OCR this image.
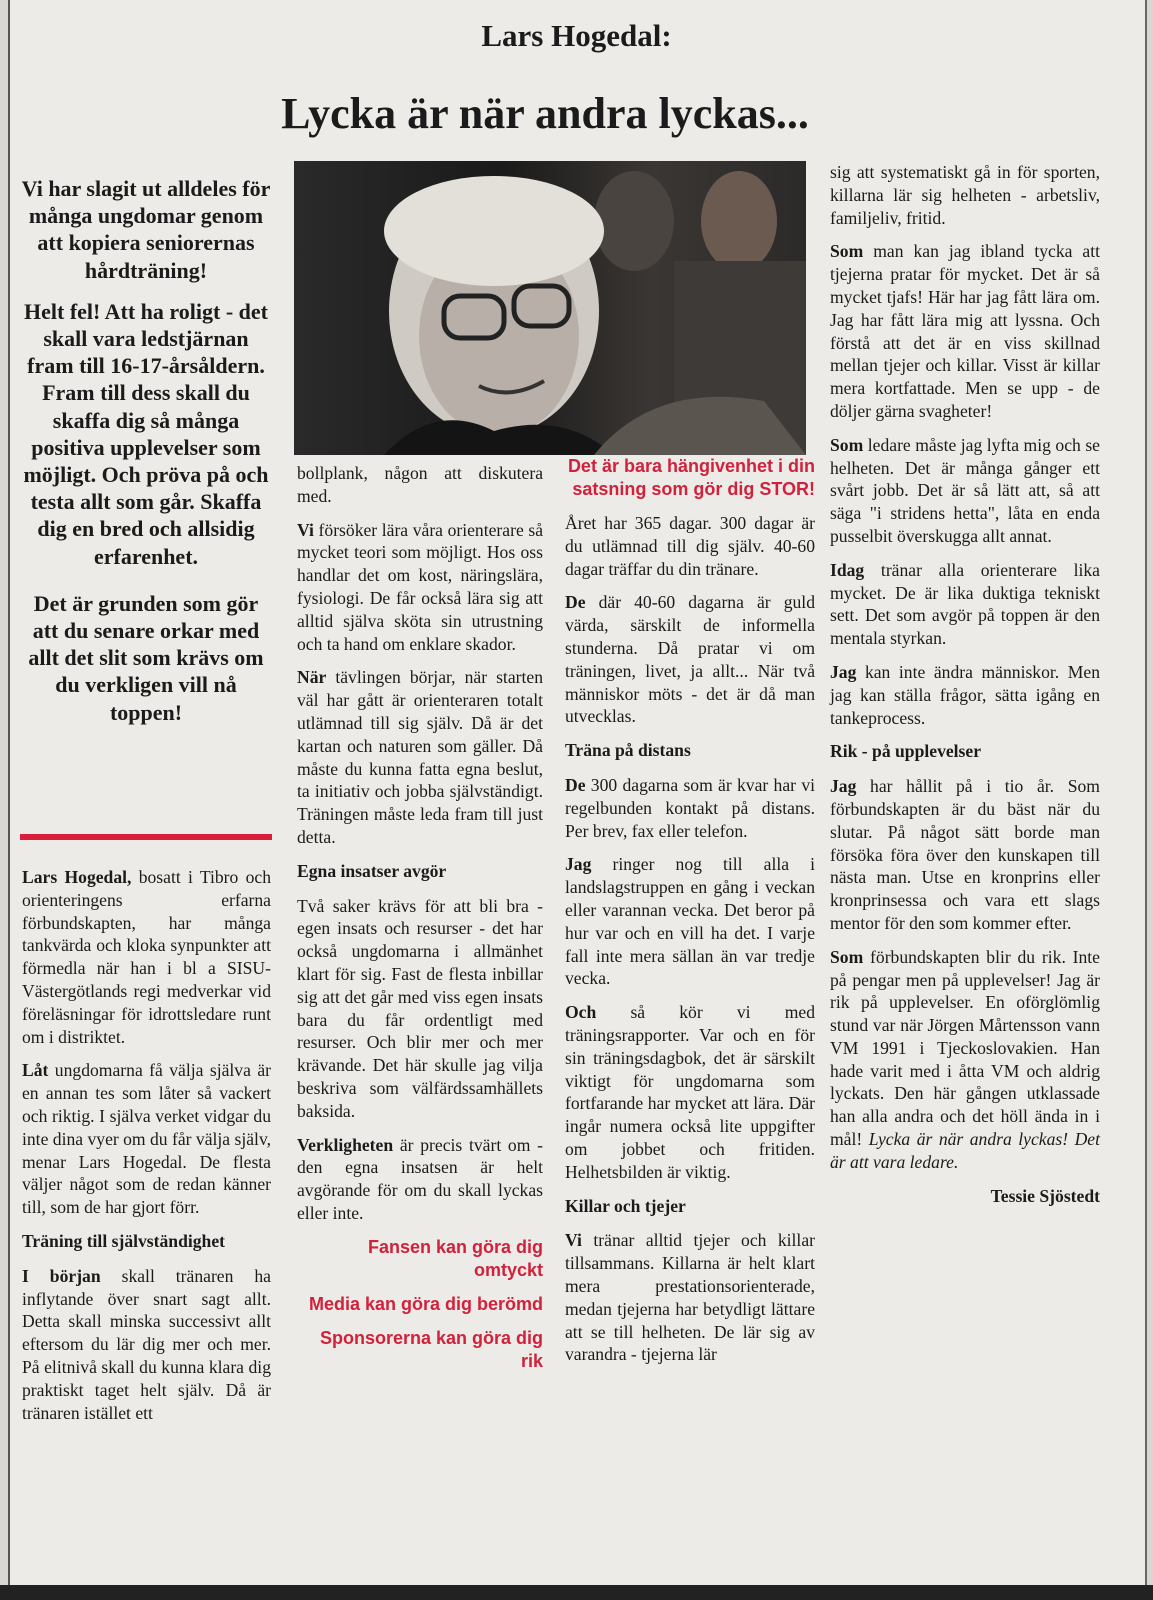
Lars Hogedal:
Lycka är när andra lyckas...

Vi har slagit ut alldeles för många ungdomar genom att kopiera seniorernas hårdträning!

Helt fel! Att ha roligt - det skall vara ledstjärnan fram till 16-17-årsåldern. Fram till dess skall du skaffa dig så många positiva upplevelser som möjligt. Och pröva på och testa allt som går. Skaffa dig en bred och allsidig erfarenhet.

Det är grunden som gör att du senare orkar med allt det slit som krävs om du verkligen vill nå toppen!

Lars Hogedal, bosatt i Tibro och orienteringens erfarna förbundskapten, har många tankvärda och kloka synpunkter att förmedla när han i bl a SISU-Västergötlands regi medverkar vid föreläsningar för idrottsledare runt om i distriktet.

Låt ungdomarna få välja själva är en annan tes som låter så vackert och riktig. I själva verket vidgar du inte dina vyer om du får välja själv, menar Lars Hogedal. De flesta väljer något som de redan känner till, som de har gjort förr.

Träning till självständighet

I början skall tränaren ha inflytande över snart sagt allt. Detta skall minska successivt allt eftersom du lär dig mer och mer. På elitnivå skall du kunna klara dig praktiskt taget helt själv. Då är tränaren istället ett

bollplank, någon att diskutera med.

Vi försöker lära våra orienterare så mycket teori som möjligt. Hos oss handlar det om kost, näringslära, fysiologi. De får också lära sig att alltid själva sköta sin utrustning och ta hand om enklare skador.

När tävlingen börjar, när starten väl har gått är orienteraren totalt utlämnad till sig själv. Då är det kartan och naturen som gäller. Då måste du kunna fatta egna beslut, ta initiativ och jobba självständigt. Träningen måste leda fram till just detta.

Egna insatser avgör

Två saker krävs för att bli bra - egen insats och resurser - det har också ungdomarna i allmänhet klart för sig. Fast de flesta inbillar sig att det går med viss egen insats bara du får ordentligt med resurser. Och blir mer och mer krävande. Det här skulle jag vilja beskriva som välfärdssamhällets baksida.

Verkligheten är precis tvärt om - den egna insatsen är helt avgörande för om du skall lyckas eller inte.

Fansen kan göra dig omtyckt

Media kan göra dig berömd

Sponsorerna kan göra dig rik

Det är bara hängivenhet i din satsning som gör dig STOR!

Året har 365 dagar. 300 dagar är du utlämnad till dig själv. 40-60 dagar träffar du din tränare.

De där 40-60 dagarna är guld värda, särskilt de informella stunderna. Då pratar vi om träningen, livet, ja allt... När två människor möts - det är då man utvecklas.

Träna på distans

De 300 dagarna som är kvar har vi regelbunden kontakt på distans. Per brev, fax eller telefon.

Jag ringer nog till alla i landslagstruppen en gång i veckan eller varannan vecka. Det beror på hur var och en vill ha det. I varje fall inte mera sällan än var tredje vecka.

Och så kör vi med träningsrapporter. Var och en för sin träningsdagbok, det är särskilt viktigt för ungdomarna som fortfarande har mycket att lära. Där ingår numera också lite uppgifter om jobbet och fritiden. Helhetsbilden är viktig.

Killar och tjejer

Vi tränar alltid tjejer och killar tillsammans. Killarna är helt klart mera prestationsorienterade, medan tjejerna har betydligt lättare att se till helheten. De lär sig av varandra - tjejerna lär

sig att systematiskt gå in för sporten, killarna lär sig helheten - arbetsliv, familjeliv, fritid.

Som man kan jag ibland tycka att tjejerna pratar för mycket. Det är så mycket tjafs! Här har jag fått lära om. Jag har fått lära mig att lyssna. Och förstå att det är en viss skillnad mellan tjejer och killar. Visst är killar mera kortfattade. Men se upp - de döljer gärna svagheter!

Som ledare måste jag lyfta mig och se helheten. Det är många gånger ett svårt jobb. Det är så lätt att, så att säga "i stridens hetta", låta en enda pusselbit överskugga allt annat.

Idag tränar alla orienterare lika mycket. De är lika duktiga tekniskt sett. Det som avgör på toppen är den mentala styrkan.

Jag kan inte ändra människor. Men jag kan ställa frågor, sätta igång en tankeprocess.

Rik - på upplevelser

Jag har hållit på i tio år. Som förbundskapten är du bäst när du slutar. På något sätt borde man försöka föra över den kunskapen till nästa man. Utse en kronprins eller kronprinsessa och vara ett slags mentor för den som kommer efter.

Som förbundskapten blir du rik. Inte på pengar men på upplevelser! Jag är rik på upplevelser. En oförglömlig stund var när Jörgen Mårtensson vann VM 1991 i Tjeckoslovakien. Han hade varit med i åtta VM och aldrig lyckats. Den här gången utklassade han alla andra och det höll ända in i mål! Lycka är när andra lyckas! Det är att vara ledare.

Tessie Sjöstedt
